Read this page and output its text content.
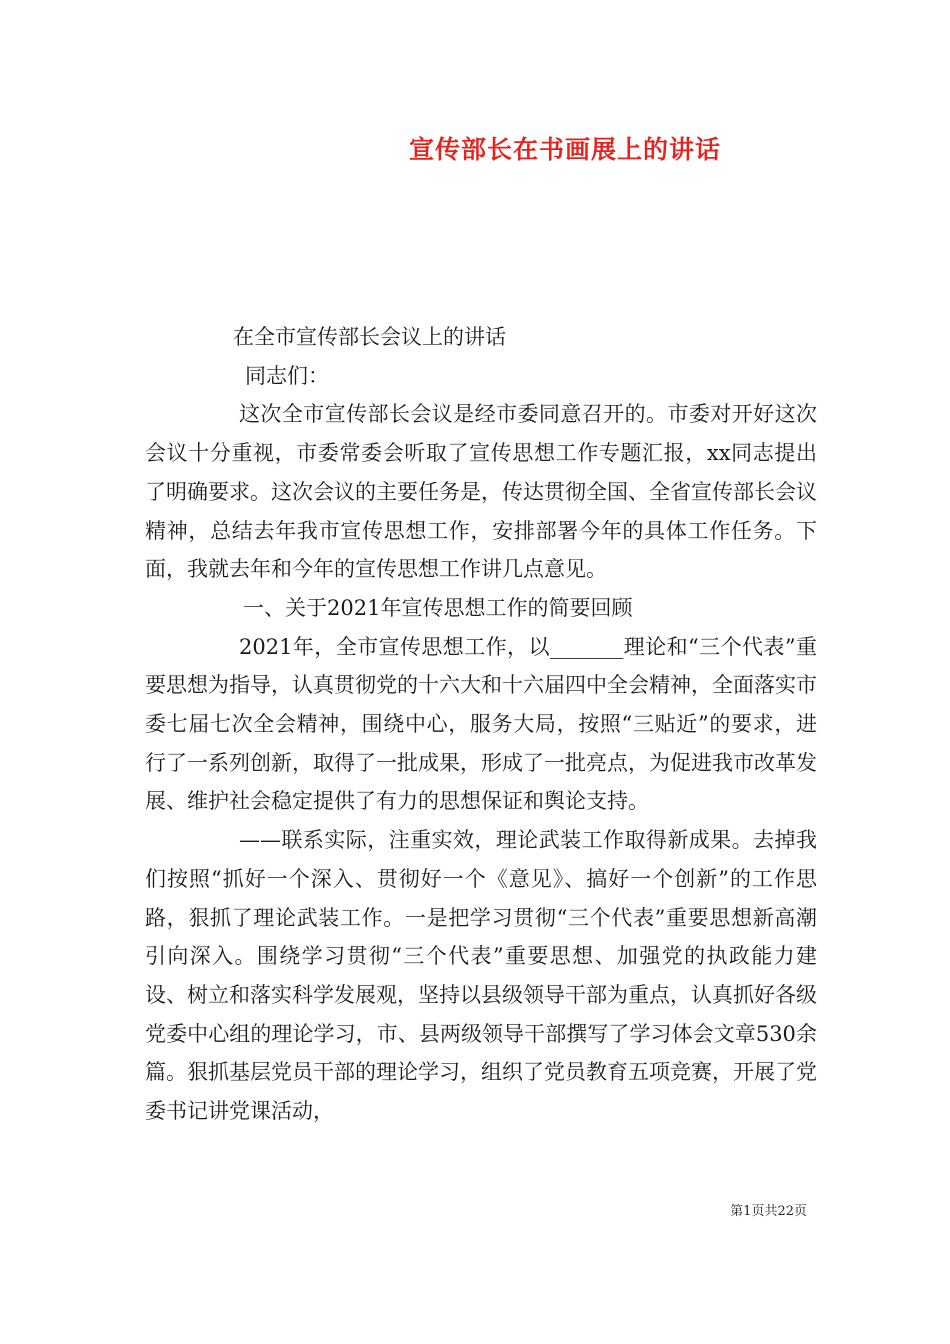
宣传部长在书画展上的讲话

在全市宣传部长会议上的讲话

同志们：

这次全市宣传部长会议是经市委同意召开的。市委对开好这次会议十分重视，市委常委会听取了宣传思想工作专题汇报，xx同志提出了明确要求。这次会议的主要任务是，传达贯彻全国、全省宣传部长会议精神，总结去年我市宣传思想工作，安排部署今年的具体工作任务。下面，我就去年和今年的宣传思想工作讲几点意见。

一、关于2021年宣传思想工作的简要回顾

2021年，全市宣传思想工作，以_______理论和“三个代表”重要思想为指导，认真贯彻党的十六大和十六届四中全会精神，全面落实市委七届七次全会精神，围绕中心，服务大局，按照“三贴近”的要求，进行了一系列创新，取得了一批成果，形成了一批亮点，为促进我市改革发展、维护社会稳定提供了有力的思想保证和舆论支持。

——联系实际，注重实效，理论武装工作取得新成果。去掉我们按照“抓好一个深入、贯彻好一个《意见》、搞好一个创新”的工作思路，狠抓了理论武装工作。一是把学习贯彻“三个代表”重要思想新高潮引向深入。围绕学习贯彻“三个代表”重要思想、加强党的执政能力建设、树立和落实科学发展观，坚持以县级领导干部为重点，认真抓好各级党委中心组的理论学习，市、县两级领导干部撰写了学习体会文章530余篇。狠抓基层党员干部的理论学习，组织了党员教育五项竞赛，开展了党委书记讲党课活动，

第1页共22页
